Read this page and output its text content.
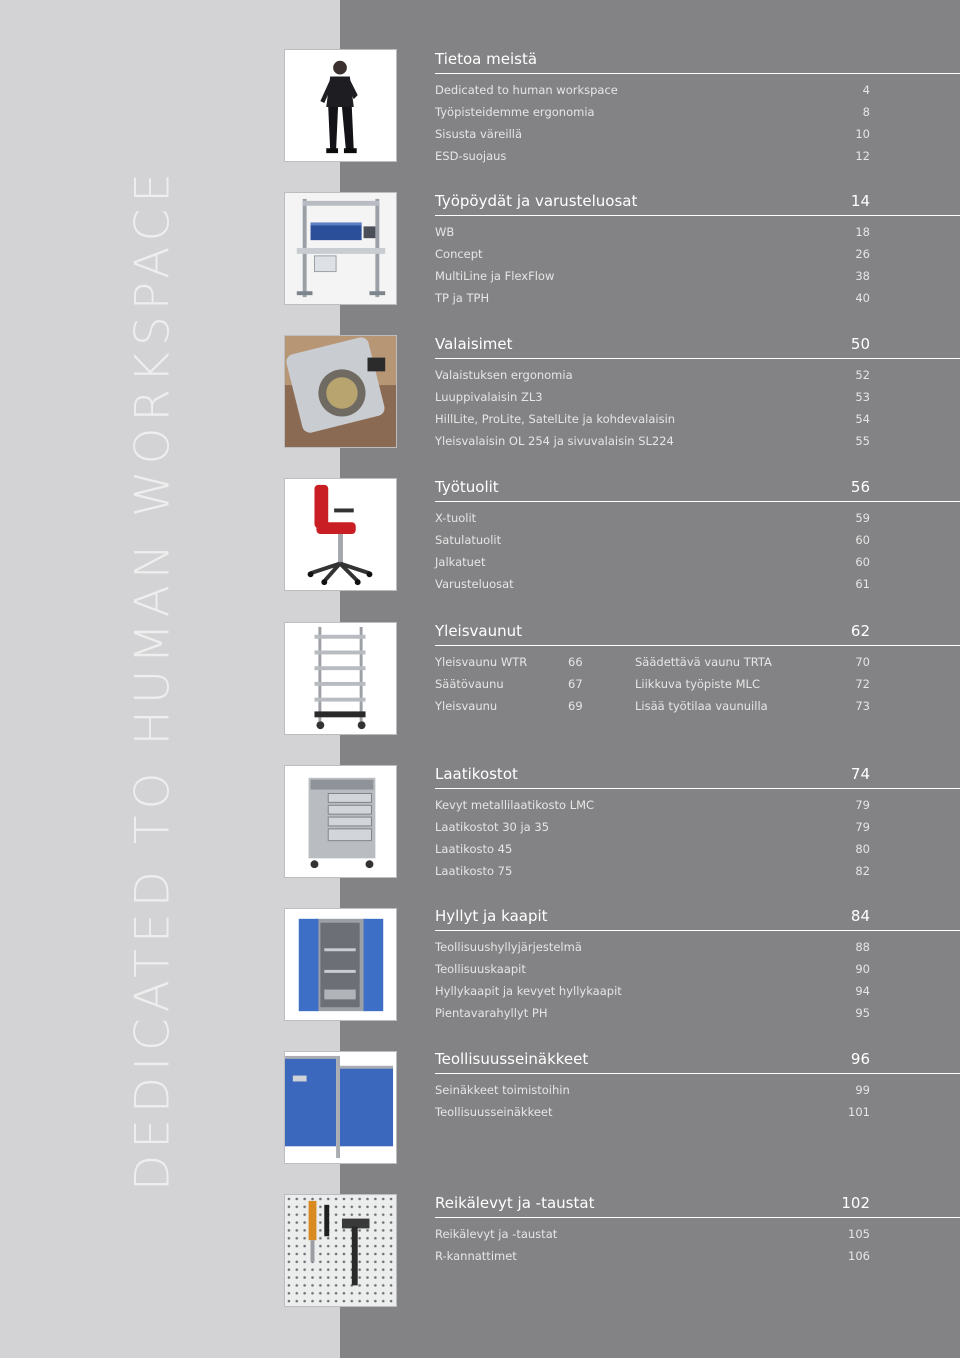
DEDICATED TO HUMAN WORKSPACE
Tietoa meistä
Dedicated to human workspace	4
Työpisteidemme ergonomia	8
Sisusta väreillä	10
ESD-suojaus	12
Työpöydät ja varusteluosat	14
WB	18
Concept	26
MultiLine ja FlexFlow	38
TP ja TPH	40
Valaisimet	50
Valaistuksen ergonomia	52
Luuppivalaisin ZL3	53
HillLite, ProLite, SatelLite ja kohdevalaisin	54
Yleisvalaisin OL 254 ja sivuvalaisin SL224	55
Työtuolit	56
X-tuolit	59
Satulatuolit	60
Jalkatuet	60
Varusteluosat	61
Yleisvaunut	62
Yleisvaunu WTR	66	Säädettävä vaunu TRTA	70
Säätövaunu	67	Liikkuva työpiste MLC	72
Yleisvaunu	69	Lisää työtilaa vaunuilla	73
Laatikostot	74
Kevyt metallilaatikosto LMC	79
Laatikostot 30 ja 35	79
Laatikosto 45	80
Laatikosto 75	82
Hyllyt ja kaapit	84
Teollisuushyllyjärjestelmä	88
Teollisuuskaapit	90
Hyllykaapit ja kevyet hyllykaapit	94
Pientavarahyllyt PH	95
Teollisuusseinäkkeet	96
Seinäkkeet toimistoihin	99
Teollisuusseinäkkeet	101
Reikälevyt ja -taustat	102
Reikälevyt ja -taustat	105
R-kannattimet	106
